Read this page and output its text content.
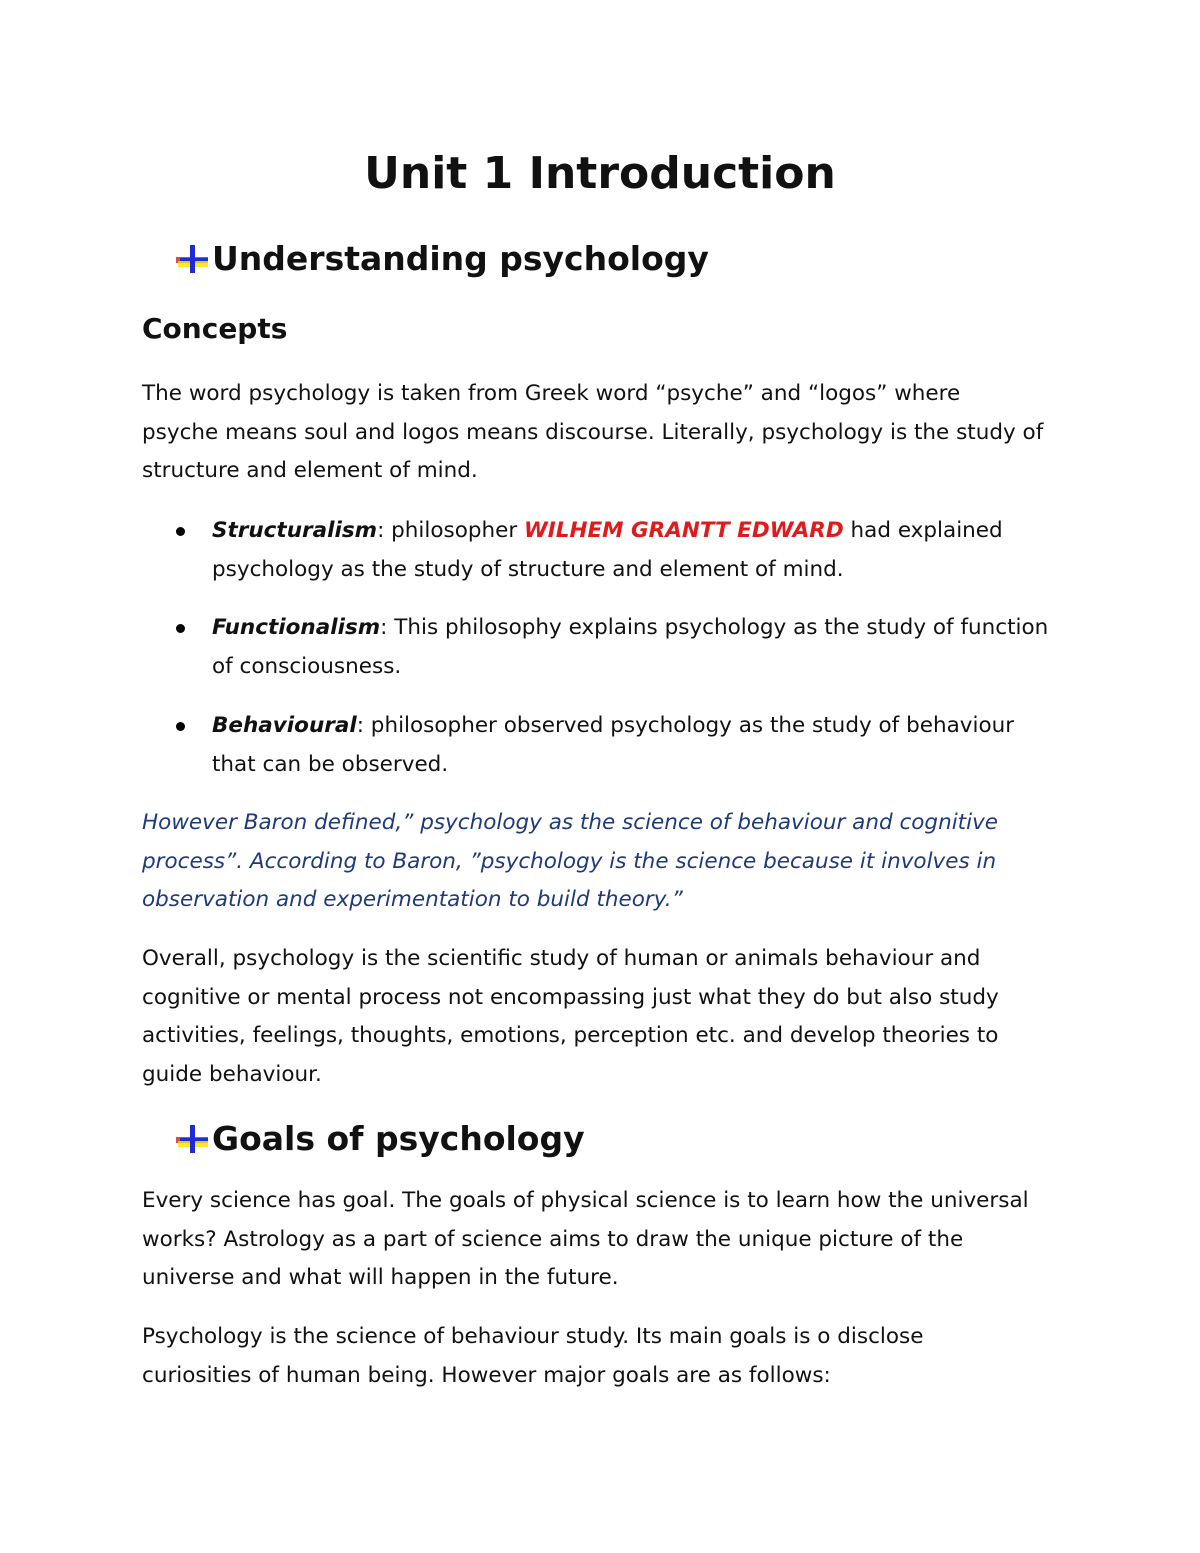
Unit 1 Introduction
Understanding psychology
Concepts

The word psychology is taken from Greek word “psyche” and “logos” where
psyche means soul and logos means discourse. Literally, psychology is the study of
structure and element of mind.

Structuralism: philosopher WILHEM GRANTT EDWARD had explained
psychology as the study of structure and element of mind.
Functionalism: This philosophy explains psychology as the study of function
of consciousness.
Behavioural: philosopher observed psychology as the study of behaviour
that can be observed.

However Baron defined,” psychology as the science of behaviour and cognitive
process”. According to Baron, ”psychology is the science because it involves in
observation and experimentation to build theory.”

Overall, psychology is the scientific study of human or animals behaviour and
cognitive or mental process not encompassing just what they do but also study
activities, feelings, thoughts, emotions, perception etc. and develop theories to
guide behaviour.

Goals of psychology

Every science has goal. The goals of physical science is to learn how the universal
works? Astrology as a part of science aims to draw the unique picture of the
universe and what will happen in the future.

Psychology is the science of behaviour study. Its main goals is o disclose
curiosities of human being. However major goals are as follows:
